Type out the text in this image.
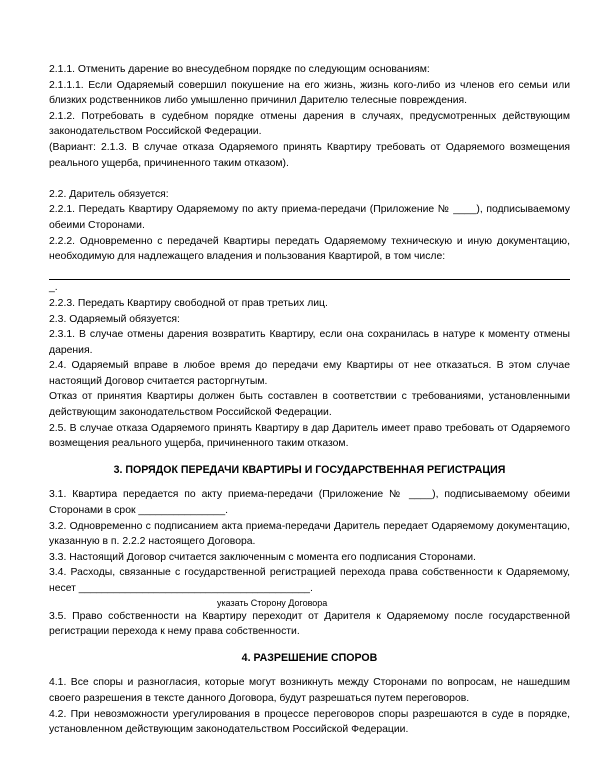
2.1.1. Отменить дарение во внесудебном порядке по следующим основаниям:

2.1.1.1. Если Одаряемый совершил покушение на его жизнь, жизнь кого-либо из членов его семьи или близких родственников либо умышленно причинил Дарителю телесные повреждения.

2.1.2. Потребовать в судебном порядке отмены дарения в случаях, предусмотренных действующим законодательством Российской Федерации.

(Вариант: 2.1.3. В случае отказа Одаряемого принять Квартиру требовать от Одаряемого возмещения реального ущерба, причиненного таким отказом).

2.2. Даритель обязуется:

2.2.1. Передать Квартиру Одаряемому по акту приема-передачи (Приложение № ____), подписываемому обеими Сторонами.

2.2.2. Одновременно с передачей Квартиры передать Одаряемому техническую и иную документацию, необходимую для надлежащего владения и пользования Квартирой, в том числе:

_.

2.2.3. Передать Квартиру свободной от прав третьих лиц.

2.3. Одаряемый обязуется:

2.3.1. В случае отмены дарения возвратить Квартиру, если она сохранилась в натуре к моменту отмены дарения.

2.4. Одаряемый вправе в любое время до передачи ему Квартиры от нее отказаться. В этом случае настоящий Договор считается расторгнутым.

Отказ от принятия Квартиры должен быть составлен в соответствии с требованиями, установленными действующим законодательством Российской Федерации.

2.5. В случае отказа Одаряемого принять Квартиру в дар Даритель имеет право требовать от Одаряемого возмещения реального ущерба, причиненного таким отказом.

3. ПОРЯДОК ПЕРЕДАЧИ КВАРТИРЫ И ГОСУДАРСТВЕННАЯ РЕГИСТРАЦИЯ

3.1. Квартира передается по акту приема-передачи (Приложение № ____), подписываемому обеими Сторонами в срок _______________.

3.2. Одновременно с подписанием акта приема-передачи Даритель передает Одаряемому документацию, указанную в п. 2.2.2 настоящего Договора.

3.3. Настоящий Договор считается заключенным с момента его подписания Сторонами.

3.4. Расходы, связанные с государственной регистрацией перехода права собственности к Одаряемому, несет ________________________________________.

указать Сторону Договора

3.5. Право собственности на Квартиру переходит от Дарителя к Одаряемому после государственной регистрации перехода к нему права собственности.

4. РАЗРЕШЕНИЕ СПОРОВ

4.1. Все споры и разногласия, которые могут возникнуть между Сторонами по вопросам, не нашедшим своего разрешения в тексте данного Договора, будут разрешаться путем переговоров.

4.2. При невозможности урегулирования в процессе переговоров споры разрешаются в суде в порядке, установленном действующим законодательством Российской Федерации.
